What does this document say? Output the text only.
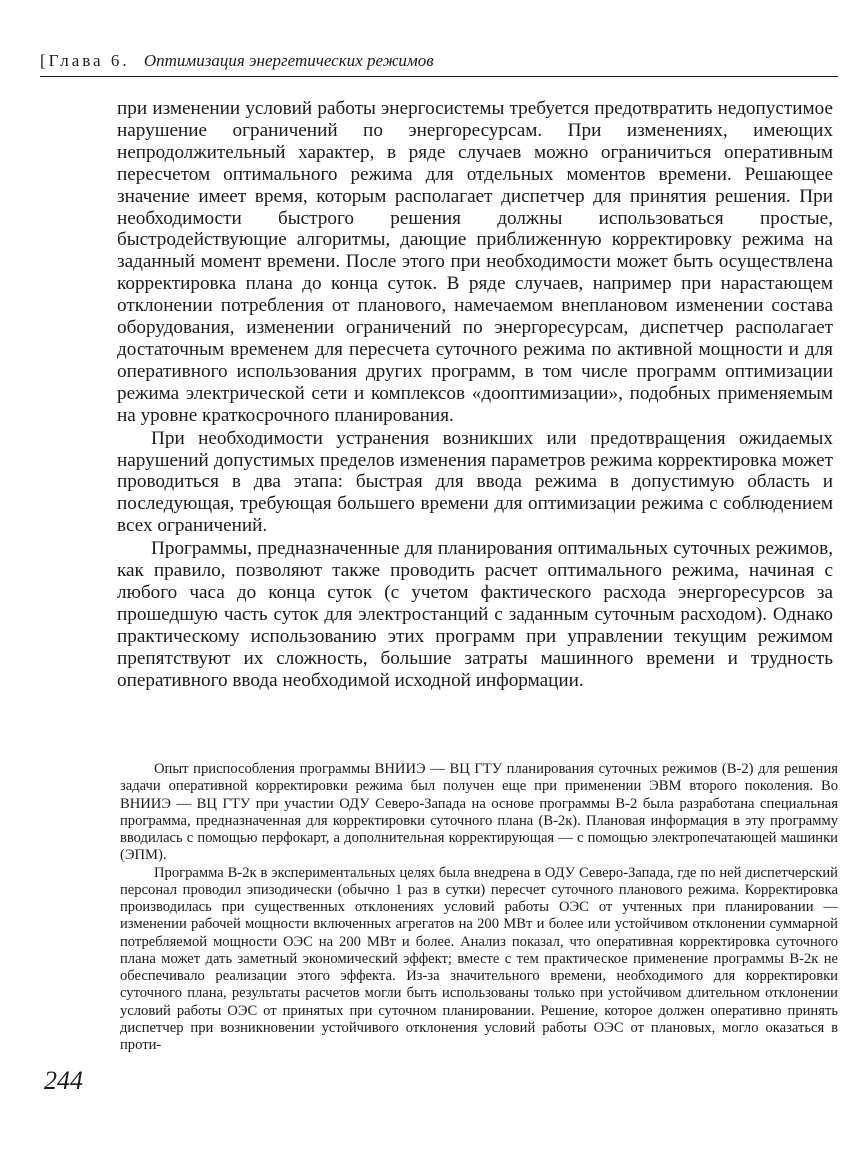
[Глава 6. Оптимизация энергетических режимов

при изменении условий работы энергосистемы требуется предотвратить недопустимое нарушение ограничений по энергоресурсам. При изменениях, имеющих непродолжительный характер, в ряде случаев можно ограничиться оперативным пересчетом оптимального режима для отдельных моментов времени. Решающее значение имеет время, которым располагает диспетчер для принятия решения. При необходимости быстрого решения должны использоваться простые, быстродействующие алгоритмы, дающие приближенную корректировку режима на заданный момент времени. После этого при необходимости может быть осуществлена корректировка плана до конца суток. В ряде случаев, например при нарастающем отклонении потребления от планового, намечаемом внеплановом изменении состава оборудования, изменении ограничений по энергоресурсам, диспетчер располагает достаточным временем для пересчета суточного режима по активной мощности и для оперативного использования других программ, в том числе программ оптимизации режима электрической сети и комплексов «дооптимизации», подобных применяемым на уровне краткосрочного планирования.

При необходимости устранения возникших или предотвращения ожидаемых нарушений допустимых пределов изменения параметров режима корректировка может проводиться в два этапа: быстрая для ввода режима в допустимую область и последующая, требующая большего времени для оптимизации режима с соблюдением всех ограничений.

Программы, предназначенные для планирования оптимальных суточных режимов, как правило, позволяют также проводить расчет оптимального режима, начиная с любого часа до конца суток (с учетом фактического расхода энергоресурсов за прошедшую часть суток для электростанций с заданным суточным расходом). Однако практическому использованию этих программ при управлении текущим режимом препятствуют их сложность, большие затраты машинного времени и трудность оперативного ввода необходимой исходной информации.

Опыт приспособления программы ВНИИЭ — ВЦ ГТУ планирования суточных режимов (В-2) для решения задачи оперативной корректировки режима был получен еще при применении ЭВМ второго поколения. Во ВНИИЭ — ВЦ ГТУ при участии ОДУ Северо-Запада на основе программы В-2 была разработана специальная программа, предназначенная для корректировки суточного плана (В-2к). Плановая информация в эту программу вводилась с помощью перфокарт, а дополнительная корректирующая — с помощью электропечатающей машинки (ЭПМ).

Программа В-2к в экспериментальных целях была внедрена в ОДУ Северо-Запада, где по ней диспетчерский персонал проводил эпизодически (обычно 1 раз в сутки) пересчет суточного планового режима. Корректировка производилась при существенных отклонениях условий работы ОЭС от учтенных при планировании — изменении рабочей мощности включенных агрегатов на 200 МВт и более или устойчивом отклонении суммарной потребляемой мощности ОЭС на 200 МВт и более. Анализ показал, что оперативная корректировка суточного плана может дать заметный экономический эффект; вместе с тем практическое применение программы В-2к не обеспечивало реализации этого эффекта. Из-за значительного времени, необходимого для корректировки суточного плана, результаты расчетов могли быть использованы только при устойчивом длительном отклонении условий работы ОЭС от принятых при суточном планировании. Решение, которое должен оперативно принять диспетчер при возникновении устойчивого отклонения условий работы ОЭС от плановых, могло оказаться в проти-

244
